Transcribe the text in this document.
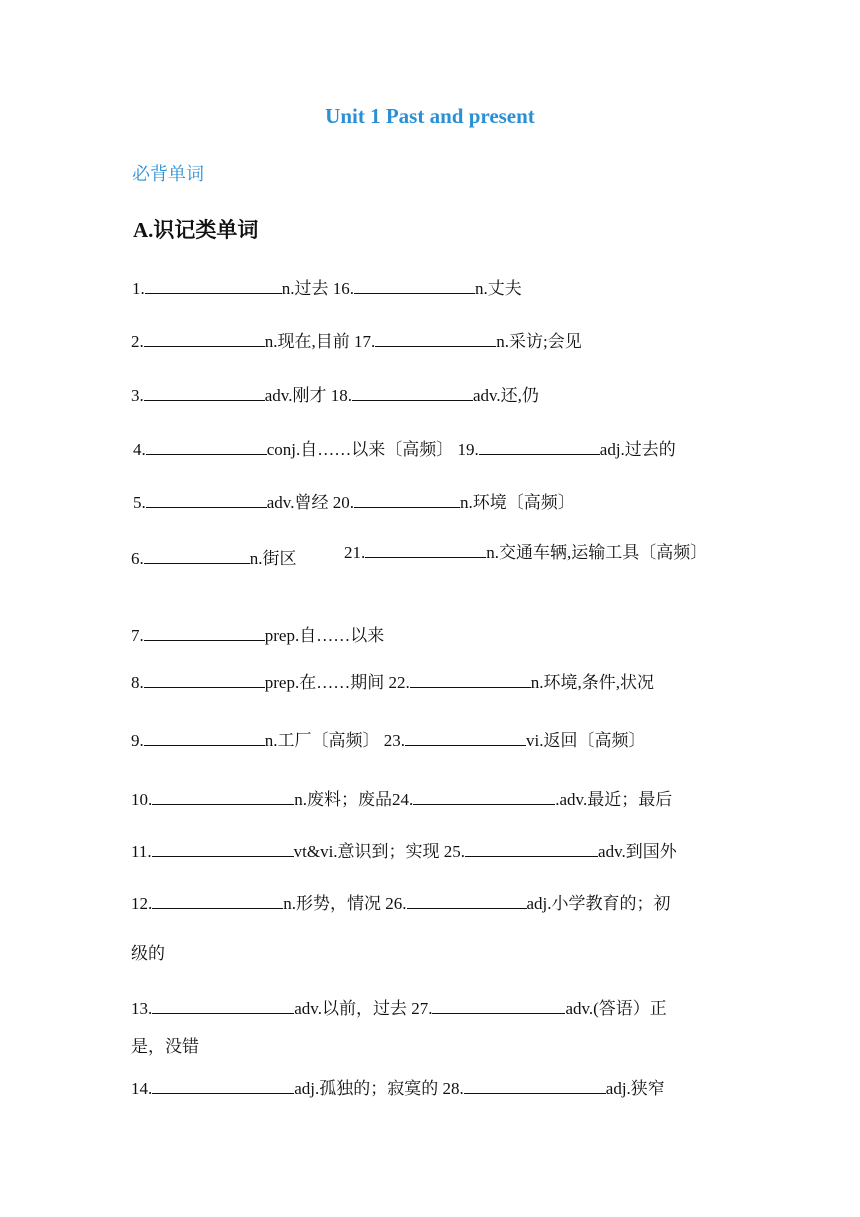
Unit 1 Past and present
必背单词
A.识记类单词
1.	n.过去 16.	n.丈夫
2.	n.现在,目前 17.	n.采访;会见
3.	adv.刚才 18.	adv.还,仍
4.	conj.自……以来〔高频〕 19.	adj.过去的
5.	adv.曾经 20.	n.环境〔高频〕
6.	n.街区	21.	n.交通车辆,运输工具〔高频〕
7.	prep.自……以来
8.	prep.在……期间 22.	n.环境,条件,状况
9.	n.工厂〔高频〕 23.	vi.返回〔高频〕
10.	n.废料；废品24.	.adv.最近；最后
11.	vt&vi.意识到；实现 25.	adv.到国外
12.	n.形势，情况 26.	adj.小学教育的；初
级的
13.	adv.以前，过去 27.	adv.(答语）正
是，没错
14.	adj.孤独的；寂寞的 28.	adj.狭窄
